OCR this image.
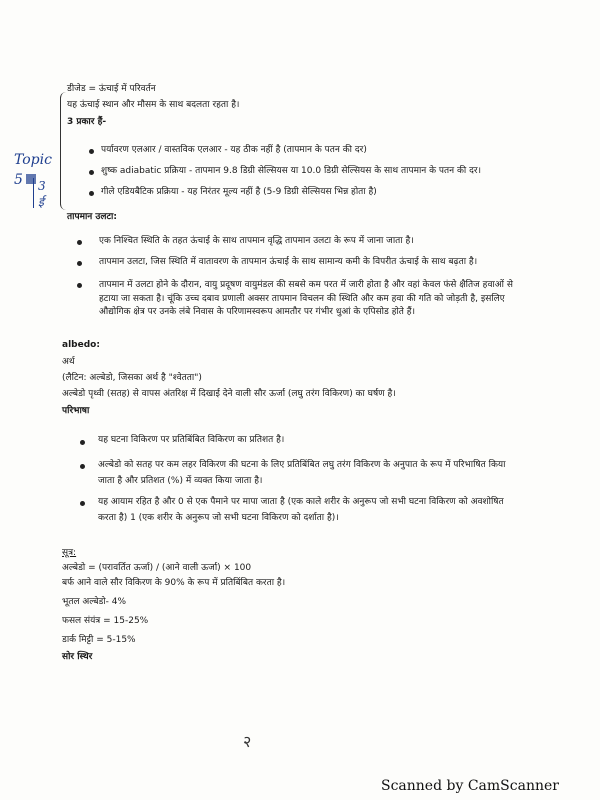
डीजेड = ऊंचाई में परिवर्तन
यह ऊंचाई स्थान और मौसम के साथ बदलता रहता है।
3 प्रकार हैं-
Topic
5 3
ई
पर्यावरण एलआर / वास्तविक एलआर - यह ठीक नहीं है (तापमान के पतन की दर)
शुष्क adiabatic प्रक्रिया - तापमान 9.8 डिग्री सेल्सियस या 10.0 डिग्री सेल्सियस के साथ तापमान के पतन की दर।
गीले एडियबैटिक प्रक्रिया - यह निरंतर मूल्य नहीं है (5-9 डिग्री सेल्सियस भिन्न होता है)
तापमान उलटा:
एक निश्चित स्थिति के तहत ऊंचाई के साथ तापमान वृद्धि तापमान उलटा के रूप में जाना जाता है।
तापमान उलटा, जिस स्थिति में वातावरण के तापमान ऊंचाई के साथ सामान्य कमी के विपरीत ऊंचाई के साथ बढ़ता है।
तापमान में उलटा होने के दौरान, वायु प्रदूषण वायुमंडल की सबसे कम परत में जारी होता है और वहां केवल फंसे क्षैतिज हवाओं से हटाया जा सकता है। चूंकि उच्च दबाव प्रणाली अक्सर तापमान विचलन की स्थिति और कम हवा की गति को जोड़ती है, इसलिए औद्योगिक क्षेत्र पर उनके लंबे निवास के परिणामस्वरूप आमतौर पर गंभीर धुआं के एपिसोड होते हैं।
albedo:
अर्थ
(लैटिन: अल्बेडो, जिसका अर्थ है "श्वेतता")
अल्बेडो पृथ्वी (सतह) से वापस अंतरिक्ष में दिखाई देने वाली सौर ऊर्जा (लघु तरंग विकिरण) का घर्षण है।
परिभाषा
यह घटना विकिरण पर प्रतिबिंबित विकिरण का प्रतिशत है।
अल्बेडो को सतह पर कम लहर विकिरण की घटना के लिए प्रतिबिंबित लघु तरंग विकिरण के अनुपात के रूप में परिभाषित किया जाता है और प्रतिशत (%) में व्यक्त किया जाता है।
यह आयाम रहित है और 0 से एक पैमाने पर मापा जाता है (एक काले शरीर के अनुरूप जो सभी घटना विकिरण को अवशोषित करता है) 1 (एक शरीर के अनुरूप जो सभी घटना विकिरण को दर्शाता है)।
सूत्र:
अल्बेडो = (परावर्तित ऊर्जा) / (आने वाली ऊर्जा) × 100
बर्फ आने वाले सौर विकिरण के 90% के रूप में प्रतिबिंबित करता है।
भूतल अल्बेडो- 4%
फसल संयंत्र = 15-25%
डार्क मिट्टी = 5-15%
सोर स्थिर
२
Scanned by CamScanner
